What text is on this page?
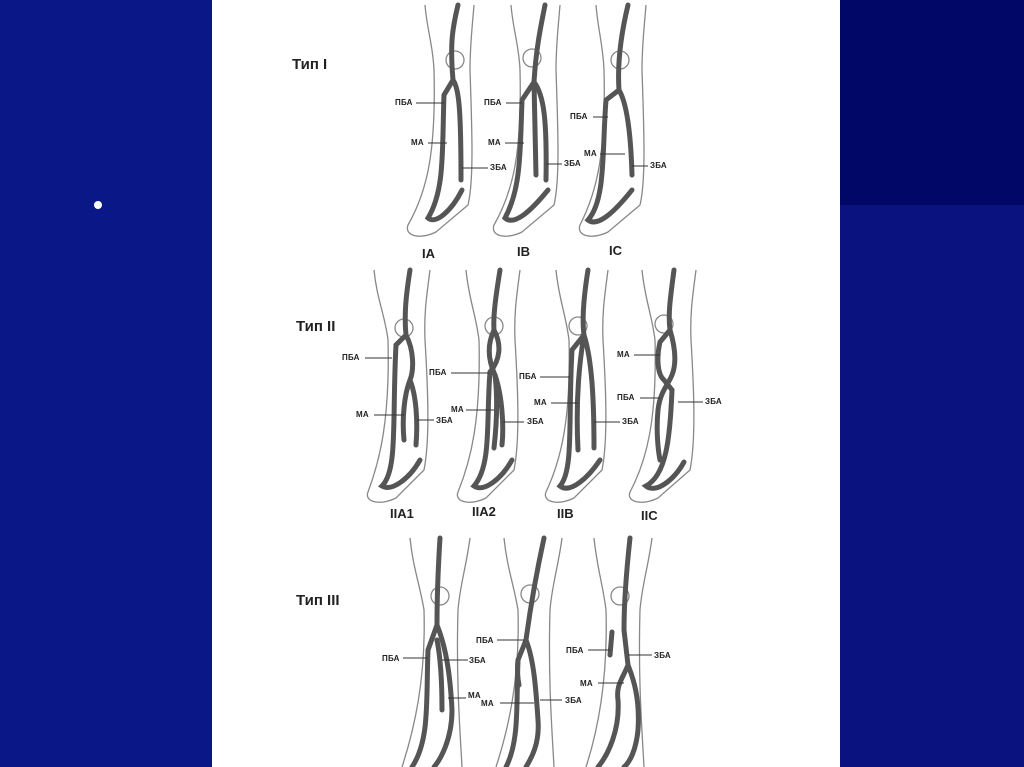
Тип I
ПБА
МА
ЗБА
IA
ПБА
МА
ЗБА
IB
ПБА
МА
ЗБА
IC
Тип II
ПБА
МА
ЗБА
IIA1
ПБА
МА
ЗБА
IIA2
ПБА
МА
ЗБА
IIB
МА
ПБА	ЗБА
IIC
Тип III
ПБА	ЗБА
МА
ПБА
МА	ЗБА
ПБА
ЗБА
МА
